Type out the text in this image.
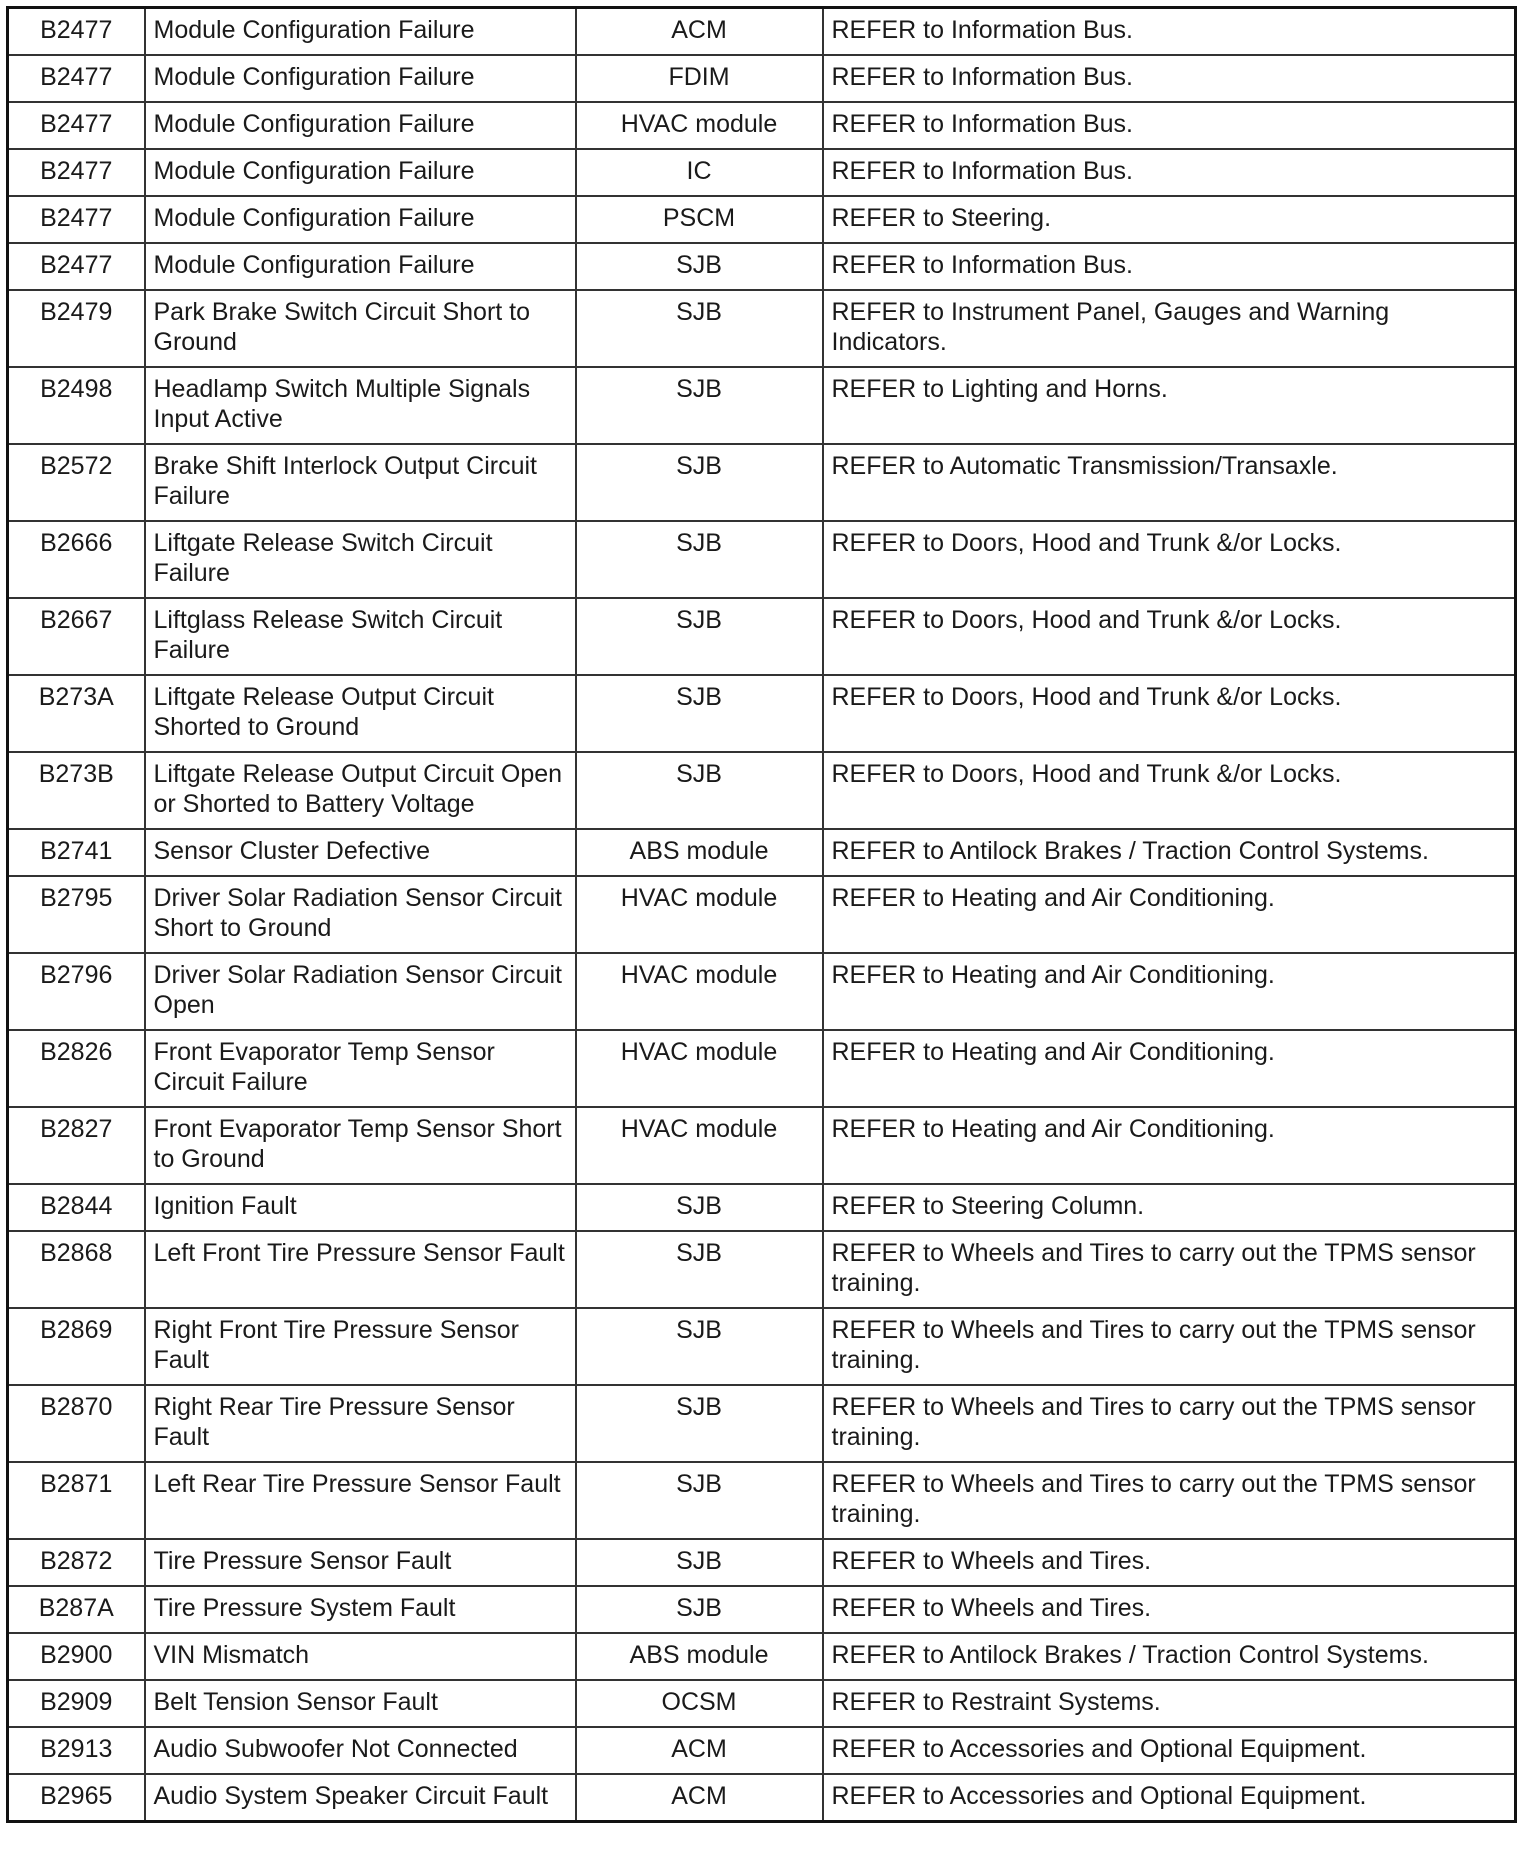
B2477	Module Configuration Failure	ACM	REFER to Information Bus.
B2477	Module Configuration Failure	FDIM	REFER to Information Bus.
B2477	Module Configuration Failure	HVAC module	REFER to Information Bus.
B2477	Module Configuration Failure	IC	REFER to Information Bus.
B2477	Module Configuration Failure	PSCM	REFER to Steering.
B2477	Module Configuration Failure	SJB	REFER to Information Bus.
B2479	Park Brake Switch Circuit Short to Ground	SJB	REFER to Instrument Panel, Gauges and Warning Indicators.
B2498	Headlamp Switch Multiple Signals Input Active	SJB	REFER to Lighting and Horns.
B2572	Brake Shift Interlock Output Circuit Failure	SJB	REFER to Automatic Transmission/Transaxle.
B2666	Liftgate Release Switch Circuit Failure	SJB	REFER to Doors, Hood and Trunk &/or Locks.
B2667	Liftglass Release Switch Circuit Failure	SJB	REFER to Doors, Hood and Trunk &/or Locks.
B273A	Liftgate Release Output Circuit Shorted to Ground	SJB	REFER to Doors, Hood and Trunk &/or Locks.
B273B	Liftgate Release Output Circuit Open or Shorted to Battery Voltage	SJB	REFER to Doors, Hood and Trunk &/or Locks.
B2741	Sensor Cluster Defective	ABS module	REFER to Antilock Brakes / Traction Control Systems.
B2795	Driver Solar Radiation Sensor Circuit Short to Ground	HVAC module	REFER to Heating and Air Conditioning.
B2796	Driver Solar Radiation Sensor Circuit Open	HVAC module	REFER to Heating and Air Conditioning.
B2826	Front Evaporator Temp Sensor Circuit Failure	HVAC module	REFER to Heating and Air Conditioning.
B2827	Front Evaporator Temp Sensor Short to Ground	HVAC module	REFER to Heating and Air Conditioning.
B2844	Ignition Fault	SJB	REFER to Steering Column.
B2868	Left Front Tire Pressure Sensor Fault	SJB	REFER to Wheels and Tires to carry out the TPMS sensor training.
B2869	Right Front Tire Pressure Sensor Fault	SJB	REFER to Wheels and Tires to carry out the TPMS sensor training.
B2870	Right Rear Tire Pressure Sensor Fault	SJB	REFER to Wheels and Tires to carry out the TPMS sensor training.
B2871	Left Rear Tire Pressure Sensor Fault	SJB	REFER to Wheels and Tires to carry out the TPMS sensor training.
B2872	Tire Pressure Sensor Fault	SJB	REFER to Wheels and Tires.
B287A	Tire Pressure System Fault	SJB	REFER to Wheels and Tires.
B2900	VIN Mismatch	ABS module	REFER to Antilock Brakes / Traction Control Systems.
B2909	Belt Tension Sensor Fault	OCSM	REFER to Restraint Systems.
B2913	Audio Subwoofer Not Connected	ACM	REFER to Accessories and Optional Equipment.
B2965	Audio System Speaker Circuit Fault	ACM	REFER to Accessories and Optional Equipment.
